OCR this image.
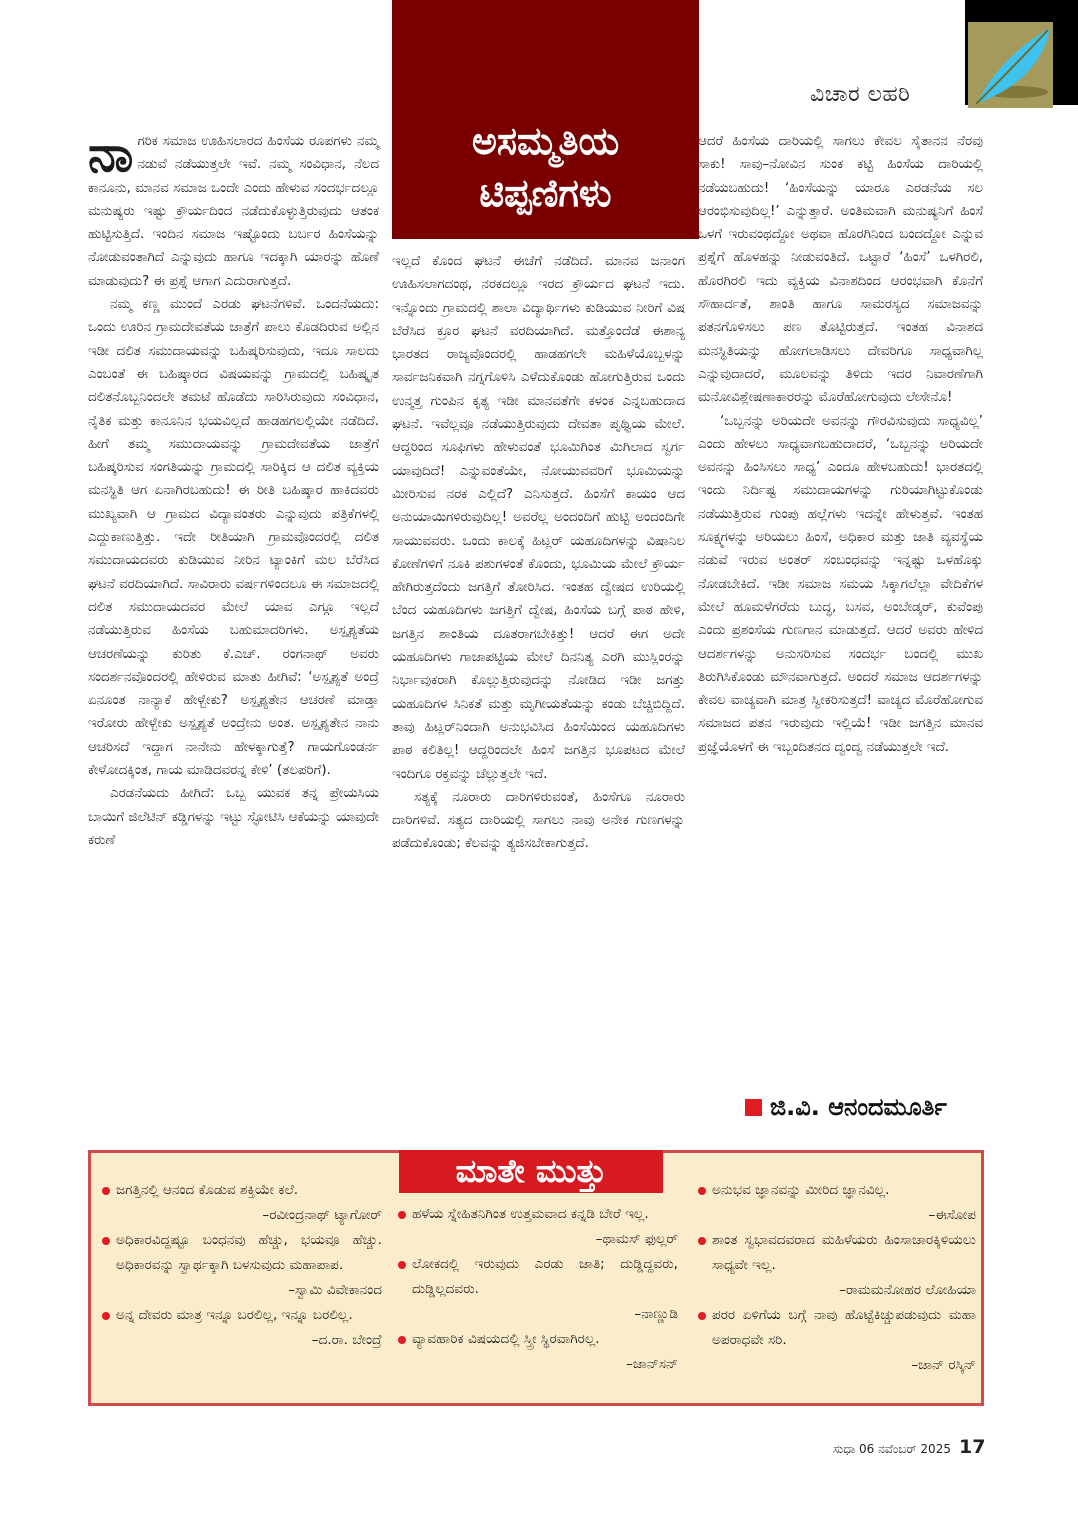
ವಿಚಾರ ಲಹರಿ
ಅಸಮ್ಮತಿಯ
ಟಿಪ್ಪಣಿಗಳು

ನಾ ಗರಿಕ ಸಮಾಜ ಊಹಿಸಲಾರದ ಹಿಂಸೆಯ ರೂಪಗಳು ನಮ್ಮ ನಡುವೆ ನಡೆಯುತ್ತಲೇ ಇವೆ. ನಮ್ಮ ಸಂವಿಧಾನ, ನೆಲದ ಕಾನೂನು, ಮಾನವ ಸಮಾಜ ಒಂದೇ ಎಂದು ಹೇಳುವ ಸಂದರ್ಭದಲ್ಲೂ ಮನುಷ್ಯರು ಇಷ್ಟು ಕ್ರೌರ್ಯದಿಂದ ನಡೆದುಕೊಳ್ಳುತ್ತಿರುವುದು ಆತಂಕ ಹುಟ್ಟಿಸುತ್ತಿದೆ. ಇಂದಿನ ಸಮಾಜ ಇಷ್ಟೊಂದು ಬರ್ಬರ ಹಿಂಸೆಯನ್ನು ನೋಡುವಂತಾಗಿದೆ ಎನ್ನುವುದು ಹಾಗೂ ಇದಕ್ಕಾಗಿ ಯಾರನ್ನು ಹೊಣೆ ಮಾಡುವುದು? ಈ ಪ್ರಶ್ನೆ ಆಗಾಗ ಎದುರಾಗುತ್ತದೆ.

ನಮ್ಮ ಕಣ್ಣ ಮುಂದೆ ಎರಡು ಘಟನೆಗಳಿವೆ. ಒಂದನೆಯದು: ಒಂದು ಊರಿನ ಗ್ರಾಮದೇವತೆಯ ಜಾತ್ರೆಗೆ ಪಾಲು ಕೊಡದಿರುವ ಅಲ್ಲಿನ ಇಡೀ ದಲಿತ ಸಮುದಾಯವನ್ನು ಬಹಿಷ್ಕರಿಸುವುದು, ಇದೂ ಸಾಲದು ಎಂಬಂತೆ ಈ ಬಹಿಷ್ಕಾರದ ವಿಷಯವನ್ನು ಗ್ರಾಮದಲ್ಲಿ ಬಹಿಷ್ಕೃತ ದಲಿತನೊಬ್ಬನಿಂದಲೇ ತಮಟೆ ಹೊಡೆದು ಸಾರಿಸಿರುವುದು ಸಂವಿಧಾನ, ನೈತಿಕ ಮತ್ತು ಕಾನೂನಿನ ಭಯವಿಲ್ಲದೆ ಹಾಡಹಗಲಲ್ಲಿಯೇ ನಡೆದಿದೆ. ಹೀಗೆ ತಮ್ಮ ಸಮುದಾಯವನ್ನು ಗ್ರಾಮದೇವತೆಯ ಜಾತ್ರೆಗೆ ಬಹಿಷ್ಕರಿಸುವ ಸಂಗತಿಯನ್ನು ಗ್ರಾಮದಲ್ಲಿ ಸಾರಿಕ್ಕಿದ ಆ ದಲಿತ ವ್ಯಕ್ತಿಯ ಮನಸ್ಥಿತಿ ಆಗ ಏನಾಗಿರಬಹುದು! ಈ ರೀತಿ ಬಹಿಷ್ಕಾರ ಹಾಕಿದವರು ಮುಖ್ಯವಾಗಿ ಆ ಗ್ರಾಮದ ವಿದ್ಯಾವಂತರು ಎನ್ನುವುದು ಪತ್ರಿಕೆಗಳಲ್ಲಿ ಎದ್ದುಕಾಣುತ್ತಿತ್ತು. ಇದೇ ರೀತಿಯಾಗಿ ಗ್ರಾಮವೊಂದರಲ್ಲಿ ದಲಿತ ಸಮುದಾಯದವರು ಕುಡಿಯುವ ನೀರಿನ ಟ್ಯಾಂಕಿಗೆ ಮಲ ಬೆರೆಸಿದ ಘಟನೆ ವರದಿಯಾಗಿದೆ. ಸಾವಿರಾರು ವರ್ಷಗಳಿಂದಲೂ ಈ ಸಮಾಜದಲ್ಲಿ ದಲಿತ ಸಮುದಾಯದವರ ಮೇಲೆ ಯಾವ ಎಗ್ಗೂ ಇಲ್ಲದೆ ನಡೆಯುತ್ತಿರುವ ಹಿಂಸೆಯ ಬಹುಮಾದರಿಗಳು. ಅಸ್ಪೃಶ್ಯತೆಯ ಆಚರಣೆಯನ್ನು ಕುರಿತು ಕೆ.ಎಚ್. ರಂಗನಾಥ್ ಅವರು ಸಂದರ್ಶನವೊಂದರಲ್ಲಿ ಹೇಳಿರುವ ಮಾತು ಹೀಗಿವೆ: ‘ಅಸ್ಪೃಶ್ಯತೆ ಅಂದ್ರೆ ಏನೂಂತ ನಾನ್ಯಾಕೆ ಹೇಳ್ಬೇಕು? ಅಸ್ಪೃಶ್ಯತೇನ ಆಚರಣೆ ಮಾಡ್ತಾ ಇರೋರು ಹೇಳ್ಬೇಕು ಅಸ್ಪೃಶ್ಯತೆ ಅಂದ್ರೇನು ಅಂತ. ಅಸ್ಪೃಶ್ಯತೇನ ನಾನು ಆಚರಿಸದೆ ಇದ್ದಾಗ ನಾನೇನು ಹೇಳಕ್ಕಾಗುತ್ತೆ? ಗಾಯಗೊಂಡರ್ನ ಕೇಳೋದಕ್ಕಿಂತ, ಗಾಯ ಮಾಡಿದವರನ್ನ ಕೇಳಿ’ (ತಲಪರಿಗೆ).

ಎರಡನೆಯದು ಹೀಗಿದೆ: ಒಬ್ಬ ಯುವಕ ತನ್ನ ಪ್ರೇಯಸಿಯ ಬಾಯಿಗೆ ಜಿಲೆಟಿನ್ ಕಡ್ಡಿಗಳನ್ನು ಇಟ್ಟು ಸ್ಫೋಟಿಸಿ ಆಕೆಯನ್ನು ಯಾವುದೇ ಕರುಣೆ

ಇಲ್ಲದೆ ಕೊಂದ ಘಟನೆ ಈಚೆಗೆ ನಡೆದಿದೆ. ಮಾನವ ಜನಾಂಗ ಊಹಿಸಲಾಗದಂಥ, ನರಕದಲ್ಲೂ ಇರದ ಕ್ರೌರ್ಯದ ಘಟನೆ ಇದು. ಇನ್ನೊಂದು ಗ್ರಾಮದಲ್ಲಿ ಶಾಲಾ ವಿದ್ಯಾರ್ಥಿಗಳು ಕುಡಿಯುವ ನೀರಿಗೆ ವಿಷ ಬೆರೆಸಿದ ಕ್ರೂರ ಘಟನೆ ವರದಿಯಾಗಿದೆ. ಮತ್ತೊಂದೆಡೆ ಈಶಾನ್ಯ ಭಾರತದ ರಾಜ್ಯವೊಂದರಲ್ಲಿ ಹಾಡಹಗಲೇ ಮಹಿಳೆಯೊಬ್ಬಳನ್ನು ಸಾರ್ವಜನಿಕವಾಗಿ ನಗ್ನಗೊಳಿಸಿ ಎಳೆದುಕೊಂಡು ಹೋಗುತ್ತಿರುವ ಒಂದು ಉನ್ಮತ್ತ ಗುಂಪಿನ ಕೃತ್ಯ ಇಡೀ ಮಾನವತೆಗೇ ಕಳಂಕ ಎನ್ನಬಹುದಾದ ಘಟನೆ. ಇವೆಲ್ಲವೂ ನಡೆಯುತ್ತಿರುವುದು ದೇವತಾ ಪೃಥ್ವಿಯ ಮೇಲೆ. ಆದ್ದರಿಂದ ಸೂಫಿಗಳು ಹೇಳುವಂತೆ ಭೂಮಿಗಿಂತ ಮಿಗಿಲಾದ ಸ್ವರ್ಗ ಯಾವುದಿದೆ! ಎನ್ನುವಂತೆಯೇ, ನೋಯುವವರಿಗೆ ಭೂಮಿಯನ್ನು ಮೀರಿಸುವ ನರಕ ಎಲ್ಲಿದೆ? ಎನಿಸುತ್ತದೆ. ಹಿಂಸೆಗೆ ಕಾಯಂ ಆದ ಅನುಯಾಯಿಗಳಿರುವುದಿಲ್ಲ! ಅವರೆಲ್ಲ ಅಂದಂದಿಗೆ ಹುಟ್ಟಿ ಅಂದಂದಿಗೇ ಸಾಯುವವರು. ಒಂದು ಕಾಲಕ್ಕೆ ಹಿಟ್ಲರ್ ಯಹೂದಿಗಳನ್ನು ವಿಷಾನಿಲ ಕೋಣೆಗಳಿಗೆ ನೂಕಿ ಪಶುಗಳಂತೆ ಕೊಂದು, ಭೂಮಿಯ ಮೇಲೆ ಕ್ರೌರ್ಯ ಹೇಗಿರುತ್ತದೆಂದು ಜಗತ್ತಿಗೆ ತೋರಿಸಿದ. ಇಂತಹ ದ್ವೇಷದ ಉರಿಯಲ್ಲಿ ಬೆಂದ ಯಹೂದಿಗಳು ಜಗತ್ತಿಗೆ ದ್ವೇಷ, ಹಿಂಸೆಯ ಬಗ್ಗೆ ಪಾಠ ಹೇಳಿ, ಜಗತ್ತಿನ ಶಾಂತಿಯ ದೂತರಾಗಬೇಕಿತ್ತು! ಆದರೆ ಈಗ ಅದೇ ಯಹೂದಿಗಳು ಗಾಜಾಪಟ್ಟಿಯ ಮೇಲೆ ದಿನನಿತ್ಯ ಎರಗಿ ಮುಸ್ಲಿಂರನ್ನು ನಿರ್ಭಾವುಕರಾಗಿ ಕೊಲ್ಲುತ್ತಿರುವುದನ್ನು ನೋಡಿದ ಇಡೀ ಜಗತ್ತು ಯಹೂದಿಗಳ ಸಿನಿಕತೆ ಮತ್ತು ಮೃಗೀಯತೆಯನ್ನು ಕಂಡು ಬೆಚ್ಚಿಬಿದ್ದಿದೆ. ತಾವು ಹಿಟ್ಲರ್‌ನಿಂದಾಗಿ ಅನುಭವಿಸಿದ ಹಿಂಸೆಯಿಂದ ಯಹೂದಿಗಳು ಪಾಠ ಕಲಿತಿಲ್ಲ! ಆದ್ದರಿಂದಲೇ ಹಿಂಸೆ ಜಗತ್ತಿನ ಭೂಪಟದ ಮೇಲೆ ಇಂದಿಗೂ ರಕ್ತವನ್ನು ಚೆಲ್ಲುತ್ತಲೇ ಇದೆ.

ಸತ್ಯಕ್ಕೆ ನೂರಾರು ದಾರಿಗಳಿರುವಂತೆ, ಹಿಂಸೆಗೂ ನೂರಾರು ದಾರಿಗಳಿವೆ. ಸತ್ಯದ ದಾರಿಯಲ್ಲಿ ಸಾಗಲು ನಾವು ಅನೇಕ ಗುಣಗಳನ್ನು ಪಡೆದುಕೊಂಡು; ಕೆಲವನ್ನು ತ್ಯಜಿಸಬೇಕಾಗುತ್ತದೆ.

ಆದರೆ ಹಿಂಸೆಯ ದಾರಿಯಲ್ಲಿ ಸಾಗಲು ಕೇವಲ ಸೈತಾನನ ನೆರವು ಸಾಕು! ಸಾವು–ನೋವಿನ ಸುಂಕ ಕಟ್ಟಿ ಹಿಂಸೆಯ ದಾರಿಯಲ್ಲಿ ನಡೆಯಬಹುದು! ‘ಹಿಂಸೆಯನ್ನು ಯಾರೂ ಎರಡನೆಯ ಸಲ ಆರಂಭಿಸುವುದಿಲ್ಲ!’ ಎನ್ನುತ್ತಾರೆ. ಅಂತಿಮವಾಗಿ ಮನುಷ್ಯನಿಗೆ ಹಿಂಸೆ ಒಳಗೆ ಇರುವಂಥದ್ದೋ ಅಥವಾ ಹೊರಗಿನಿಂದ ಬಂದದ್ದೋ ಎನ್ನುವ ಪ್ರಶ್ನೆಗೆ ಹೊಳಹನ್ನು ನೀಡುವಂತಿದೆ. ಒಟ್ಟಾರೆ ‘ಹಿಂಸೆ’ ಒಳಗಿರಲಿ, ಹೊರಗಿರಲಿ ಇದು ವ್ಯಕ್ತಿಯ ವಿನಾಶದಿಂದ ಆರಂಭವಾಗಿ ಕೊನೆಗೆ ಸೌಹಾರ್ದತೆ, ಶಾಂತಿ ಹಾಗೂ ಸಾಮರಸ್ಯದ ಸಮಾಜವನ್ನು ಪತನಗೊಳಿಸಲು ಪಣ ತೊಟ್ಟಿರುತ್ತದೆ. ಇಂತಹ ವಿನಾಶದ ಮನಸ್ಥಿತಿಯನ್ನು ಹೋಗಲಾಡಿಸಲು ದೇವರಿಗೂ ಸಾಧ್ಯವಾಗಿಲ್ಲ ಎನ್ನುವುದಾದರೆ, ಮೂಲವನ್ನು ತಿಳಿದು ಇದರ ನಿವಾರಣೆಗಾಗಿ ಮನೋವಿಶ್ಲೇಷಣಾಕಾರರನ್ನು ಮೊರೆಹೋಗುವುದು ಲೇಸೇನೊ!

‘ಒಬ್ಬನನ್ನು ಅರಿಯದೇ ಅವನನ್ನು ಗೌರವಿಸುವುದು ಸಾಧ್ಯವಿಲ್ಲ’ ಎಂದು ಹೇಳಲು ಸಾಧ್ಯವಾಗಬಹುದಾದರೆ, ‘ಒಬ್ಬನನ್ನು ಅರಿಯದೇ ಅವನನ್ನು ಹಿಂಸಿಸಲು ಸಾಧ್ಯ’ ಎಂದೂ ಹೇಳಬಹುದು! ಭಾರತದಲ್ಲಿ ಇಂದು ನಿರ್ದಿಷ್ಟ ಸಮುದಾಯಗಳನ್ನು ಗುರಿಯಾಗಿಟ್ಟುಕೊಂಡು ನಡೆಯುತ್ತಿರುವ ಗುಂಪು ಹಲ್ಲೆಗಳು ಇದನ್ನೇ ಹೇಳುತ್ತವೆ. ಇಂತಹ ಸೂಕ್ಷ್ಮಗಳನ್ನು ಅರಿಯಲು ಹಿಂಸೆ, ಅಧಿಕಾರ ಮತ್ತು ಜಾತಿ ವ್ಯವಸ್ಥೆಯ ನಡುವೆ ಇರುವ ಅಂತರ್ ಸಂಬಂಧವನ್ನು ಇನ್ನಷ್ಟು ಒಳಹೊಕ್ಕು ನೋಡಬೇಕಿದೆ. ಇಡೀ ಸಮಾಜ ಸಮಯ ಸಿಕ್ಕಾಗಲೆಲ್ಲಾ ವೇದಿಕೆಗಳ ಮೇಲೆ ಹೂಮಳೆಗರೆದು ಬುದ್ಧ, ಬಸವ, ಅಂಬೇಡ್ಕರ್, ಕುವೆಂಪು ಎಂದು ಪ್ರಶಂಸೆಯ ಗುಣಗಾನ ಮಾಡುತ್ತದೆ. ಆದರೆ ಅವರು ಹೇಳಿದ ಆದರ್ಶಗಳನ್ನು ಅನುಸರಿಸುವ ಸಂದರ್ಭ ಬಂದಲ್ಲಿ ಮುಖ ತಿರುಗಿಸಿಕೊಂಡು ಮೌನವಾಗುತ್ತದೆ. ಅಂದರೆ ಸಮಾಜ ಆದರ್ಶಗಳನ್ನು ಕೇವಲ ವಾಚ್ಯವಾಗಿ ಮಾತ್ರ ಸ್ವೀಕರಿಸುತ್ತದೆ! ವಾಚ್ಯದ ಮೊರೆಹೋಗುವ ಸಮಾಜದ ಪತನ ಇರುವುದು ಇಲ್ಲಿಯೆ! ಇಡೀ ಜಗತ್ತಿನ ಮಾನವ ಪ್ರಜ್ಞೆಯೊಳಗೆ ಈ ಇಬ್ಬಂದಿತನದ ದ್ವಂದ್ವ ನಡೆಯುತ್ತಲೇ ಇದೆ.

ಜಿ.ವಿ. ಆನಂದಮೂರ್ತಿ
ಮಾತೇ ಮುತ್ತು
ಜಗತ್ತಿನಲ್ಲಿ ಆನಂದ ಕೊಡುವ ಶಕ್ತಿಯೇ ಕಲೆ.
–ರವೀಂದ್ರನಾಥ್ ಟ್ಯಾಗೋರ್
ಅಧಿಕಾರವಿದ್ದಷ್ಟೂ ಬಂಧನವು ಹೆಚ್ಚು, ಭಯವೂ ಹೆಚ್ಚು. ಅಧಿಕಾರವನ್ನು ಸ್ವಾರ್ಥಕ್ಕಾಗಿ ಬಳಸುವುದು ಮಹಾಪಾಪ.
–ಸ್ವಾಮಿ ವಿವೇಕಾನಂದ
ಅನ್ನ ದೇವರು ಮಾತ್ರ ಇನ್ನೂ ಬರಲಿಲ್ಲ, ಇನ್ನೂ ಬರಲಿಲ್ಲ.
–ದ.ರಾ. ಬೇಂದ್ರೆ
ಹಳೆಯ ಸ್ನೇಹಿತನಿಗಿಂತ ಉತ್ತಮವಾದ ಕನ್ನಡಿ ಬೇರೆ ಇಲ್ಲ.
–ಥಾಮಸ್ ಫುಲ್ಲರ್
ಲೋಕದಲ್ಲಿ ಇರುವುದು ಎರಡು ಜಾತಿ; ದುಡ್ಡಿದ್ದವರು, ದುಡ್ಡಿಲ್ಲದವರು.
–ನಾಣ್ಣುಡಿ
ವ್ಯಾವಹಾರಿಕ ವಿಷಯದಲ್ಲಿ ಸ್ತ್ರೀ ಸ್ಥಿರವಾಗಿರಲ್ಲ.
–ಜಾನ್‌ಸನ್
ಅನುಭವ ಜ್ಞಾನವನ್ನು ಮೀರಿದ ಜ್ಞಾನವಿಲ್ಲ.
–ಈಸೋಪ
ಶಾಂತ ಸ್ವಭಾವದವರಾದ ಮಹಿಳೆಯರು ಹಿಂಸಾಚಾರಕ್ಕಿಳಿಯಲು ಸಾಧ್ಯವೇ ಇಲ್ಲ.
–ರಾಮಮನೋಹರ ಲೋಹಿಯಾ
ಪರರ ಏಳಿಗೆಯ ಬಗ್ಗೆ ನಾವು ಹೊಟ್ಟೆಕಿಚ್ಚುಪಡುವುದು ಮಹಾ ಅಪರಾಧವೇ ಸರಿ.
–ಜಾನ್ ರಸ್ಕಿನ್
ಸುಧಾ 06 ನವೆಂಬರ್ 2025 17
